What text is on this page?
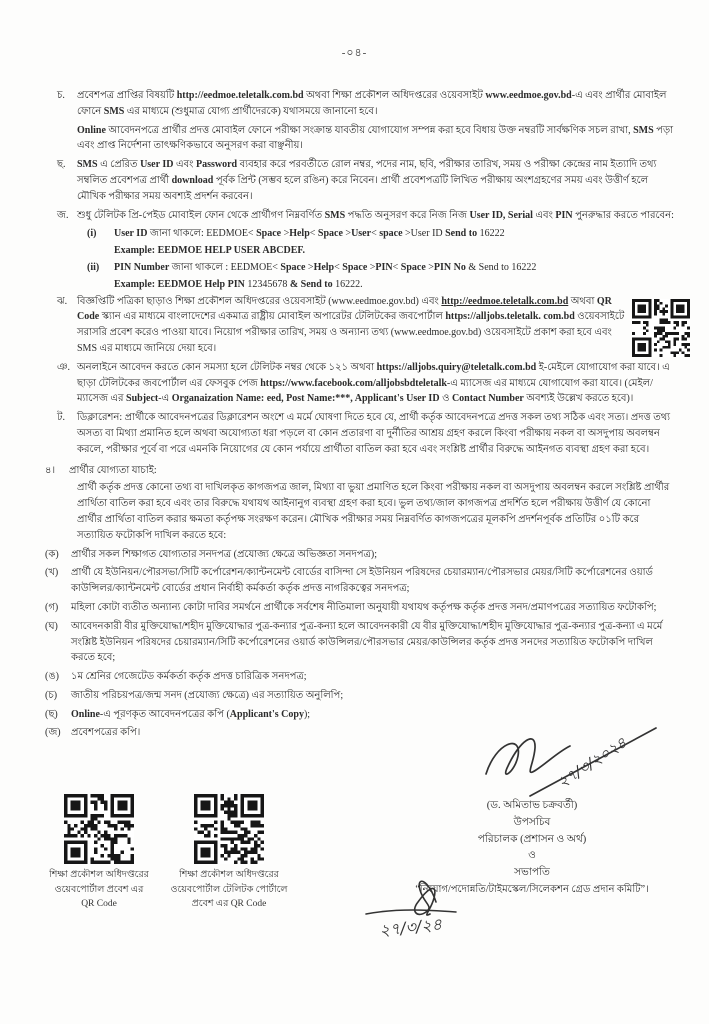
-০৪-
চ.	প্রবেশপত্র প্রাপ্তির বিষয়টি http://eedmoe.teletalk.com.bd অথবা শিক্ষা প্রকৌশল অধিদপ্তরের ওয়েবসাইট www.eedmoe.gov.bd-এ এবং প্রার্থীর মোবাইল ফোনে SMS এর মাধ্যমে (শুধুমাত্র যোগ্য প্রার্থীদেরকে) যথাসময়ে জানানো হবে।
Online আবেদনপত্রে প্রার্থীর প্রদত্ত মোবাইল ফোনে পরীক্ষা সংক্রান্ত যাবতীয় যোগাযোগ সম্পন্ন করা হবে বিধায় উক্ত নম্বরটি সার্বক্ষণিক সচল রাখা, SMS পড়া এবং প্রাপ্ত নির্দেশনা তাৎক্ষণিকভাবে অনুসরণ করা বাঞ্ছনীয়।
ছ.	SMS এ প্রেরিত User ID এবং Password ব্যবহার করে পরবর্তীতে রোল নম্বর, পদের নাম, ছবি, পরীক্ষার তারিখ, সময় ও পরীক্ষা কেন্দ্রের নাম ইত্যাদি তথ্য সম্বলিত প্রবেশপত্র প্রার্থী download পূর্বক প্রিন্ট (সম্ভব হলে রঙিন) করে নিবেন। প্রার্থী প্রবেশপত্রটি লিখিত পরীক্ষায় অংশগ্রহণের সময় এবং উত্তীর্ণ হলে মৌখিক পরীক্ষার সময় অবশ্যই প্রদর্শন করবেন।
জ. শুধু টেলিটক প্রি-পেইড মোবাইল ফোন থেকে প্রার্থীগণ নিম্নবর্ণিত SMS পদ্ধতি অনুসরণ করে নিজ নিজ User ID, Serial এবং PIN পুনরুদ্ধার করতে পারবেন:
(i)	User ID জানা থাকলে: EEDMOE< Space >Help< Space >User< space >User ID Send to 16222
Example: EEDMOE HELP USER ABCDEF.
(ii)	PIN Number জানা থাকলে : EEDMOE< Space >Help< Space >PIN< Space >PIN No & Send to 16222
Example: EEDMOE Help PIN 12345678 & Send to 16222.
ঝ. বিজ্ঞপ্তিটি পত্রিকা ছাড়াও শিক্ষা প্রকৌশল অধিদপ্তরের ওয়েবসাইট (www.eedmoe.gov.bd) এবং http://eedmoe.teletalk.com.bd অথবা QR Code স্ক্যান এর মাধ্যমে বাংলাদেশের একমাত্র রাষ্ট্রীয় মোবাইল অপারেটর টেলিটকের জবপোর্টাল https://alljobs.teletalk. com.bd ওয়েবসাইটে সরাসরি প্রবেশ করেও পাওয়া যাবে। নিয়োগ পরীক্ষার তারিখ, সময় ও অন্যান্য তথ্য (www.eedmoe.gov.bd) ওয়েবসাইটে প্রকাশ করা হবে এবং SMS এর মাধ্যমে জানিয়ে দেয়া হবে।
ঞ. অনলাইনে আবেদন করতে কোন সমস্যা হলে টেলিটক নম্বর থেকে ১২১ অথবা https://alljobs.quiry@teletalk.com.bd ই-মেইলে যোগাযোগ করা যাবে। এ ছাড়া টেলিটকের জবপোর্টাল এর ফেসবুক পেজ https://www.facebook.com/alljobsbdteletalk-এ ম্যাসেজ এর মাধ্যমে যোগাযোগ করা যাবে। (মেইল/ম্যাসেজ এর Subject-এ Organaization Name: eed, Post Name:***, Applicant's User ID ও Contact Number অবশ্যই উল্লেখ করতে হবে)।
ট.	ডিক্লারেশন: প্রার্থীকে আবেদনপত্রের ডিক্লারেশন অংশে এ মর্মে ঘোষণা দিতে হবে যে, প্রার্থী কর্তৃক আবেদনপত্রে প্রদত্ত সকল তথ্য সঠিক এবং সত্য। প্রদত্ত তথ্য অসত্য বা মিথ্যা প্রমানিত হলে অথবা অযোগ্যতা ধরা পড়লে বা কোন প্রতারণা বা দুর্নীতির আশ্রয় গ্রহণ করলে কিংবা পরীক্ষায় নকল বা অসদুপায় অবলম্বন করলে, পরীক্ষার পূর্বে বা পরে এমনকি নিয়োগের যে কোন পর্যায়ে প্রার্থীতা বাতিল করা হবে এবং সংশ্লিষ্ট প্রার্থীর বিরুদ্ধে আইনগত ব্যবস্থা গ্রহণ করা হবে।
৪।	প্রার্থীর যোগ্যতা যাচাই:
প্রার্থী কর্তৃক প্রদত্ত কোনো তথ্য বা দাখিলকৃত কাগজপত্র জাল, মিথ্যা বা ভুয়া প্রমাণিত হলে কিংবা পরীক্ষায় নকল বা অসদুপায় অবলম্বন করলে সংশ্লিষ্ট প্রার্থীর প্রার্থিতা বাতিল করা হবে এবং তার বিরুদ্ধে যথাযথ আইনানুগ ব্যবস্থা গ্রহণ করা হবে। ভুল তথ্য/জাল কাগজপত্র প্রদর্শিত হলে পরীক্ষায় উত্তীর্ণ যে কোনো প্রার্থীর প্রার্থিতা বাতিল করার ক্ষমতা কর্তৃপক্ষ সংরক্ষণ করেন। মৌখিক পরীক্ষার সময় নিম্নবর্ণিত কাগজপত্রের মূলকপি প্রদর্শনপূর্বক প্রতিটির ০১টি করে সত্যায়িত ফটোকপি দাখিল করতে হবে:
(ক)	প্রার্থীর সকল শিক্ষাগত যোগ্যতার সনদপত্র (প্রযোজ্য ক্ষেত্রে অভিজ্ঞতা সনদপত্র);
(খ)	প্রার্থী যে ইউনিয়ন/পৌরসভা/সিটি কর্পোরেশন/ক্যান্টনমেন্ট বোর্ডের বাসিন্দা সে ইউনিয়ন পরিষদের চেয়ারম্যান/পৌরসভার মেয়র/সিটি কর্পোরেশনের ওয়ার্ড কাউন্সিলর/ক্যান্টনমেন্ট বোর্ডের প্রধান নির্বাহী কর্মকর্তা কর্তৃক প্রদত্ত নাগরিকত্বের সনদপত্র;
(গ)	মহিলা কোটা ব্যতীত অন্যান্য কোটা দাবির সমর্থনে প্রার্থীকে সর্বশেষ নীতিমালা অনুযায়ী যথাযথ কর্তৃপক্ষ কর্তৃক প্রদত্ত সনদ/প্রমাণপত্রের সত্যায়িত ফটোকপি;
(ঘ)	আবেদনকারী বীর মুক্তিযোদ্ধা/শহীদ মুক্তিযোদ্ধার পুত্র-কন্যার পুত্র-কন্যা হলে আবেদনকারী যে বীর মুক্তিযোদ্ধা/শহীদ মুক্তিযোদ্ধার পুত্র-কন্যার পুত্র-কন্যা এ মর্মে সংশ্লিষ্ট ইউনিয়ন পরিষদের চেয়ারম্যান/সিটি কর্পোরেশনের ওয়ার্ড কাউন্সিলর/পৌরসভার মেয়র/কাউন্সিলর কর্তৃক প্রদত্ত সনদের সত্যায়িত ফটোকপি দাখিল করতে হবে;
(ঙ)	১ম শ্রেনির গেজেটেড কর্মকর্তা কর্তৃক প্রদত্ত চারিত্রিক সনদপত্র;
(চ)	জাতীয় পরিচয়পত্র/জন্ম সনদ (প্রযোজ্য ক্ষেত্রে) এর সত্যায়িত অনুলিপি;
(ছ)	Online-এ পূরণকৃত আবেদনপত্রের কপি (Applicant's Copy);
(জ)	প্রবেশপত্রের কপি।
২৭/৩/২০২৪
(ড. অমিতাভ চক্রবর্তী)
উপসচিব
পরিচালক (প্রশাসন ও অর্থ)
ও
সভাপতি
“নিয়োগ/পদোন্নতি/টাইমস্কেল/সিলেকশন গ্রেড প্রদান কমিটি”।
২৭/৩/২৪
শিক্ষা প্রকৌশল অধিদপ্তরের
ওয়েবপোর্টাল প্রবেশ এর
QR Code
শিক্ষা প্রকৌশল অধিদপ্তরের
ওয়েবপোর্টাল টেলিটক পোর্টালে
প্রবেশ এর QR Code
